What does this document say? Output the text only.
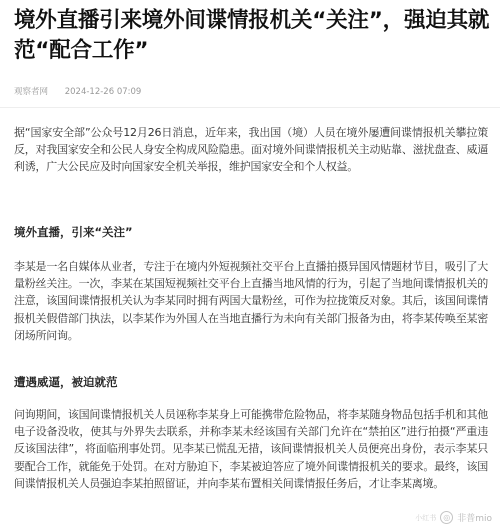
境外直播引来境外间谍情报机关“关注”，强迫其就范“配合工作”
观察者网 2024-12-26 07:09

据“国家安全部”公众号12月26日消息，近年来，我出国（境）人员在境外屡遭间谍情报机关攀拉策反，对我国家安全和公民人身安全构成风险隐患。面对境外间谍情报机关主动贴靠、滋扰盘查、威逼利诱，广大公民应及时向国家安全机关举报，维护国家安全和个人权益。

境外直播，引来“关注”

李某是一名自媒体从业者，专注于在境内外短视频社交平台上直播拍摄异国风情题材节目，吸引了大量粉丝关注。一次，李某在某国短视频社交平台上直播当地风情的行为，引起了当地间谍情报机关的注意，该国间谍情报机关认为李某同时拥有两国大量粉丝，可作为拉拢策反对象。其后，该国间谍情报机关假借部门执法，以李某作为外国人在当地直播行为未向有关部门报备为由，将李某传唤至某密闭场所问询。

遭遇威逼，被迫就范

问询期间，该国间谍情报机关人员诬称李某身上可能携带危险物品，将李某随身物品包括手机和其他电子设备没收，使其与外界失去联系，并称李某未经该国有关部门允许在“禁拍区”进行拍摄“严重违反该国法律”，将面临刑事处罚。见李某已慌乱无措，该间谍情报机关人员便亮出身份，表示李某只要配合工作，就能免于处罚。在对方胁迫下，李某被迫答应了境外间谍情报机关的要求。最终，该国间谍情报机关人员强迫李某拍照留证，并向李某布置相关间谍情报任务后，才让李某离境。

小红书 ◎ 非普mio
